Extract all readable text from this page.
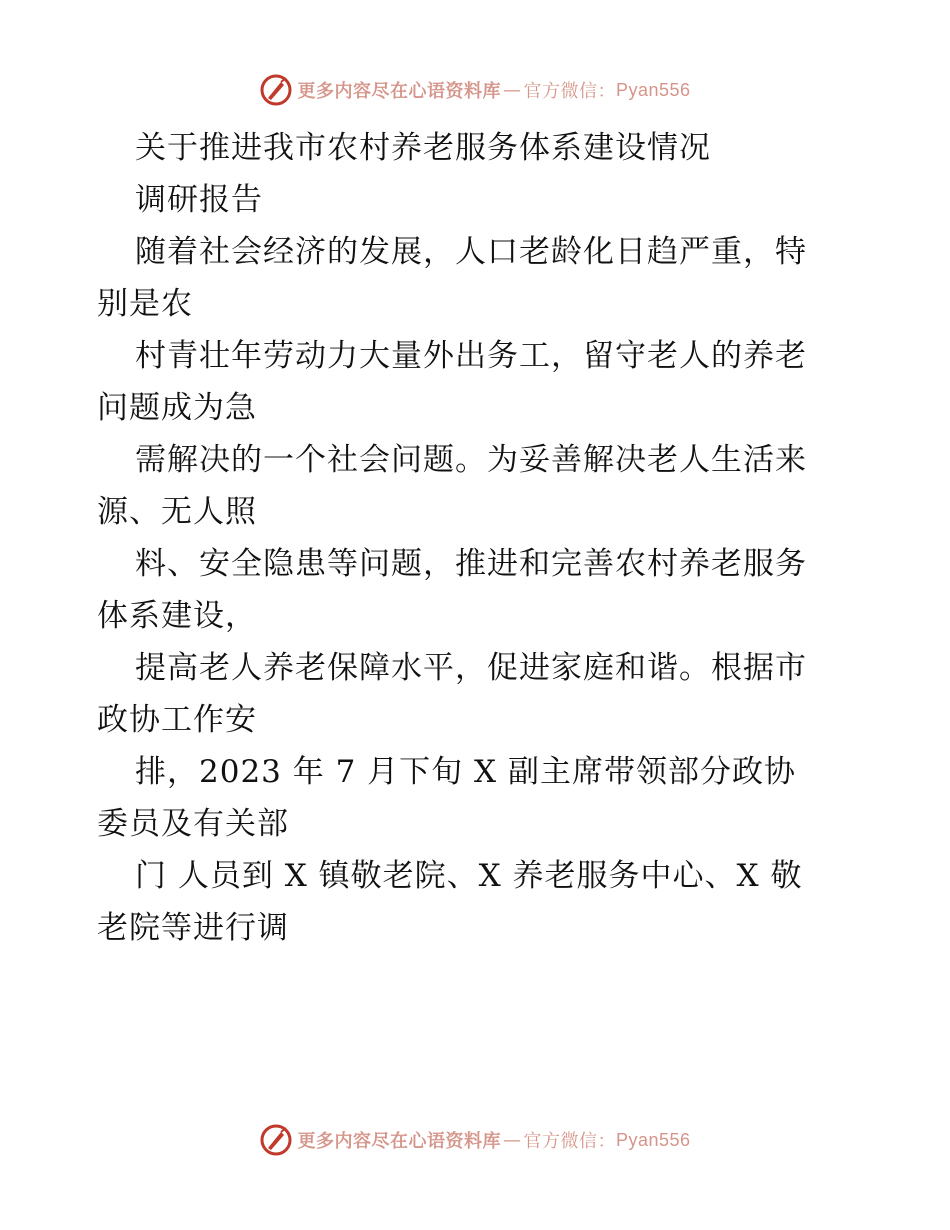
更多内容尽在心语资料库 — 官方微信： Pyan556
关于推进我市农村养老服务体系建设情况
调研报告
随着社会经济的发展，人口老龄化日趋严重，特
别是农
村青壮年劳动力大量外出务工，留守老人的养老
问题成为急
需解决的一个社会问题。为妥善解决老人生活来
源、无人照
料、安全隐患等问题，推进和完善农村养老服务
体系建设，
提高老人养老保障水平，促进家庭和谐。根据市
政协工作安
排，2023 年 7 月下旬 X 副主席带领部分政协
委员及有关部
门 人员到 X 镇敬老院、X 养老服务中心、X 敬
老院等进行调
更多内容尽在心语资料库 — 官方微信： Pyan556
